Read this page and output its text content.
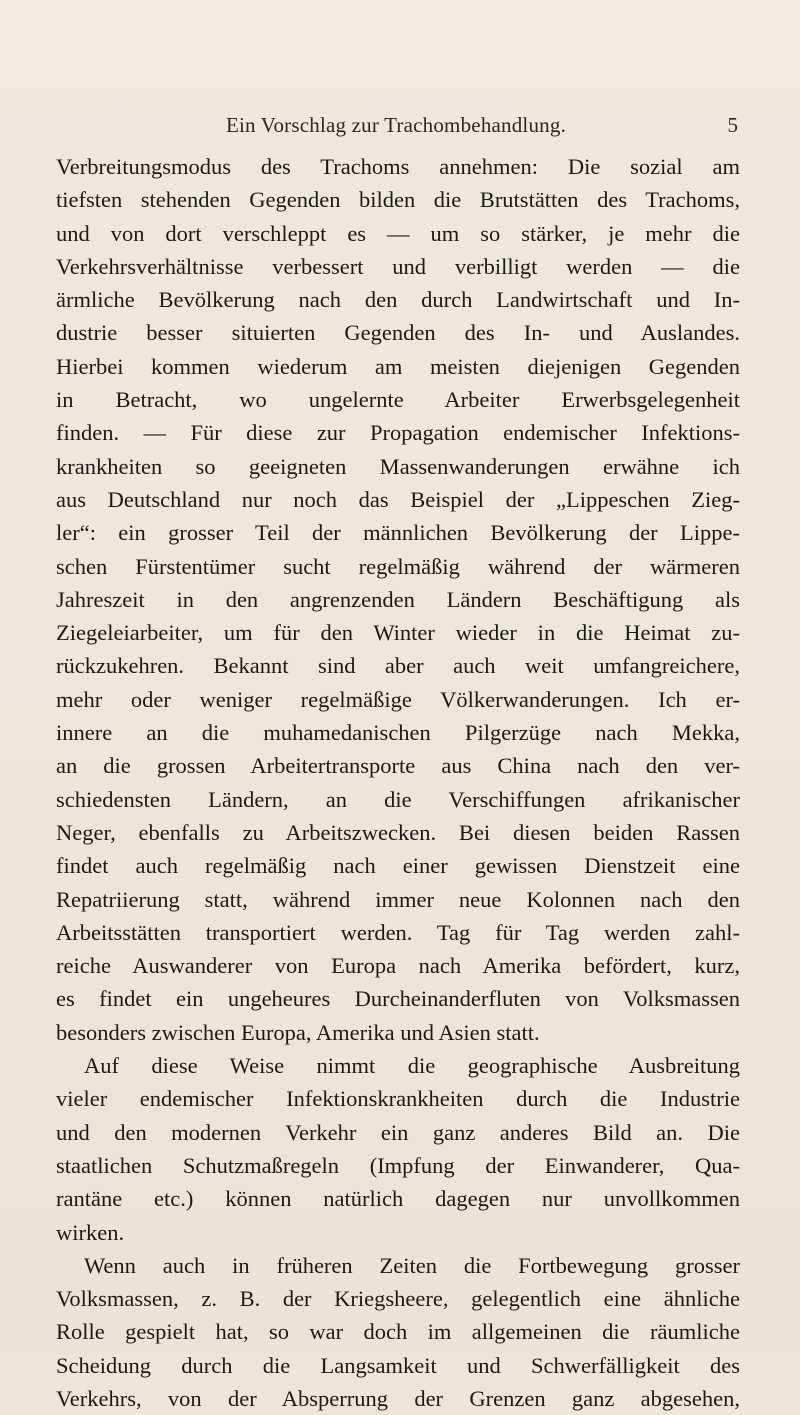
Ein Vorschlag zur Trachombehandlung.	5
Verbreitungsmodus des Trachoms annehmen: Die sozial am
tiefsten stehenden Gegenden bilden die Brutstätten des Trachoms,
und von dort verschleppt es — um so stärker, je mehr die
Verkehrsverhältnisse verbessert und verbilligt werden — die
ärmliche Bevölkerung nach den durch Landwirtschaft und In-
dustrie besser situierten Gegenden des In- und Auslandes.
Hierbei kommen wiederum am meisten diejenigen Gegenden
in Betracht, wo ungelernte Arbeiter Erwerbsgelegenheit
finden. — Für diese zur Propagation endemischer Infektions-
krankheiten so geeigneten Massenwanderungen erwähne ich
aus Deutschland nur noch das Beispiel der „Lippeschen Zieg-
ler“: ein grosser Teil der männlichen Bevölkerung der Lippe-
schen Fürstentümer sucht regelmäßig während der wärmeren
Jahreszeit in den angrenzenden Ländern Beschäftigung als
Ziegeleiarbeiter, um für den Winter wieder in die Heimat zu-
rückzukehren. Bekannt sind aber auch weit umfangreichere,
mehr oder weniger regelmäßige Völkerwanderungen. Ich er-
innere an die muhamedanischen Pilgerzüge nach Mekka,
an die grossen Arbeitertransporte aus China nach den ver-
schiedensten Ländern, an die Verschiffungen afrikanischer
Neger, ebenfalls zu Arbeitszwecken. Bei diesen beiden Rassen
findet auch regelmäßig nach einer gewissen Dienstzeit eine
Repatriierung statt, während immer neue Kolonnen nach den
Arbeitsstätten transportiert werden. Tag für Tag werden zahl-
reiche Auswanderer von Europa nach Amerika befördert, kurz,
es findet ein ungeheures Durcheinanderfluten von Volksmassen
besonders zwischen Europa, Amerika und Asien statt.
Auf diese Weise nimmt die geographische Ausbreitung
vieler endemischer Infektionskrankheiten durch die Industrie
und den modernen Verkehr ein ganz anderes Bild an. Die
staatlichen Schutzmaßregeln (Impfung der Einwanderer, Qua-
rantäne etc.) können natürlich dagegen nur unvollkommen
wirken.
Wenn auch in früheren Zeiten die Fortbewegung grosser
Volksmassen, z. B. der Kriegsheere, gelegentlich eine ähnliche
Rolle gespielt hat, so war doch im allgemeinen die räumliche
Scheidung durch die Langsamkeit und Schwerfälligkeit des
Verkehrs, von der Absperrung der Grenzen ganz abgesehen,
